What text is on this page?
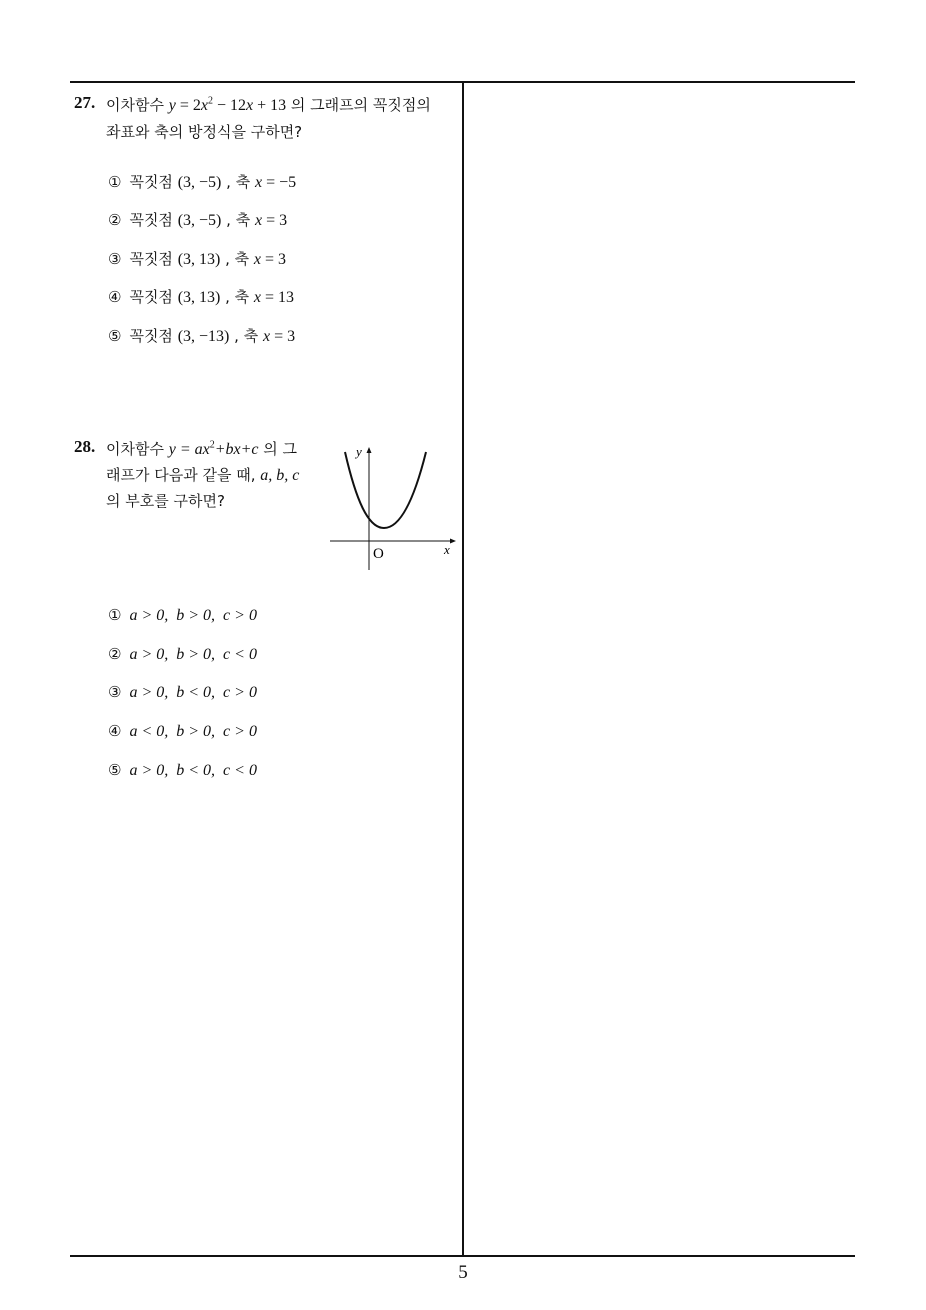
27. 이차함수 $y = 2x^2 - 12x + 13$ 의 그래프의 꼭짓점의
좌표와 축의 방정식을 구하면?
① 꼭짓점 (3, −5) , 축 x = −5
② 꼭짓점 (3, −5) , 축 x = 3
③ 꼭짓점 (3, 13) , 축 x = 3
④ 꼭짓점 (3, 13) , 축 x = 13
⑤ 꼭짓점 (3, −13) , 축 x = 3
28. 이차함수 $y = ax^2+bx+c$ 의 그
래프가 다음과 같을 때, a, b, c
의 부호를 구하면?
y
x
O
① a > 0, b > 0, c > 0
② a > 0, b > 0, c < 0
③ a > 0, b < 0, c > 0
④ a < 0, b > 0, c > 0
⑤ a > 0, b < 0, c < 0
5
